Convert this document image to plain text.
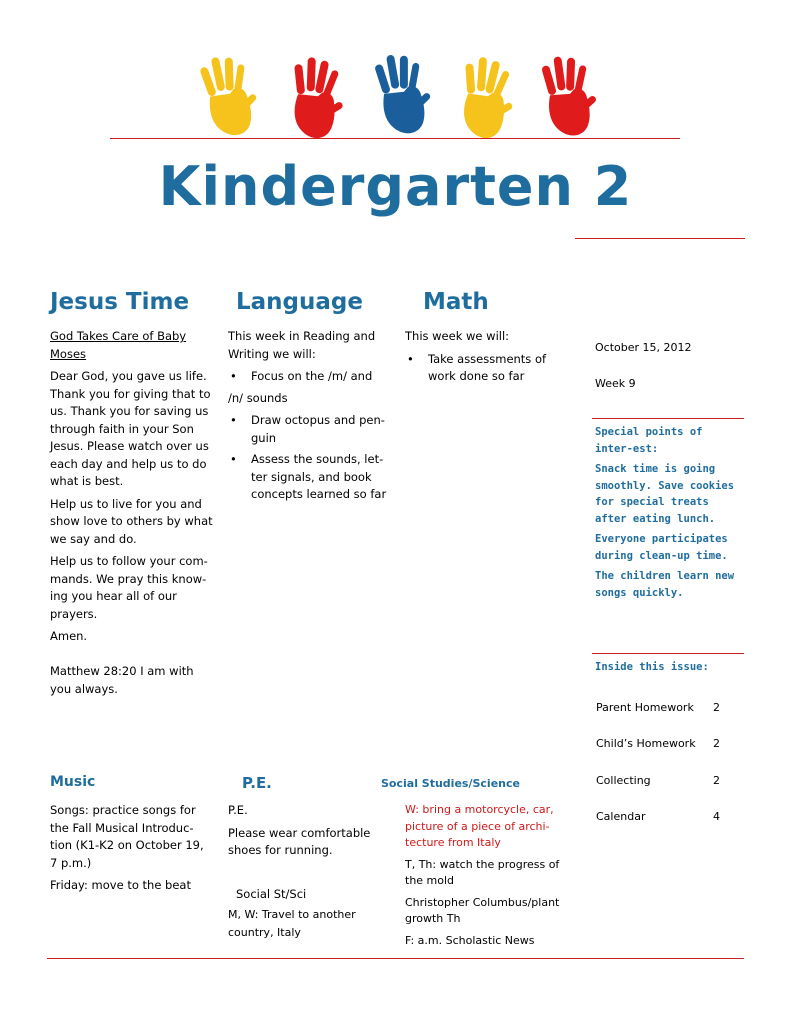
Kindergarten 2
Jesus Time Language	Math

God Takes Care of Baby Moses

Dear God, you gave us life. Thank you for giving that to us. Thank you for saving us through faith in your Son Jesus. Please watch over us each day and help us to do what is best.

Help us to live for you and show love to others by what we say and do.

Help us to follow your com-mands. We pray this know-ing you hear all of our prayers.

Amen.

Matthew 28:20 I am with you always.

This week in Reading and Writing we will:

• Focus on the /m/ and

/n/ sounds

• Draw octopus and pen-guin
• Assess the sounds, let-ter signals, and book concepts learned so far

This week we will:

• Take assessments of work done so far
October 15, 2012
Week 9

Special points of inter-est:

Snack time is going smoothly. Save cookies for special treats after eating lunch.

Everyone participates during clean-up time.

The children learn new songs quickly.

Inside this issue:
Parent Homework 2
Child’s Homework 2
Collecting	2
Calendar	4
Music	P.E.	Social Studies/Science

Songs: practice songs for the Fall Musical Introduc-tion (K1-K2 on October 19, 7 p.m.)

Friday: move to the beat

P.E.

Please wear comfortable shoes for running.

Social St/Sci
M, W: Travel to another country, Italy

W: bring a motorcycle, car, picture of a piece of archi-tecture from Italy

T, Th: watch the progress of the mold

Christopher Columbus/plant growth Th

F: a.m. Scholastic News
